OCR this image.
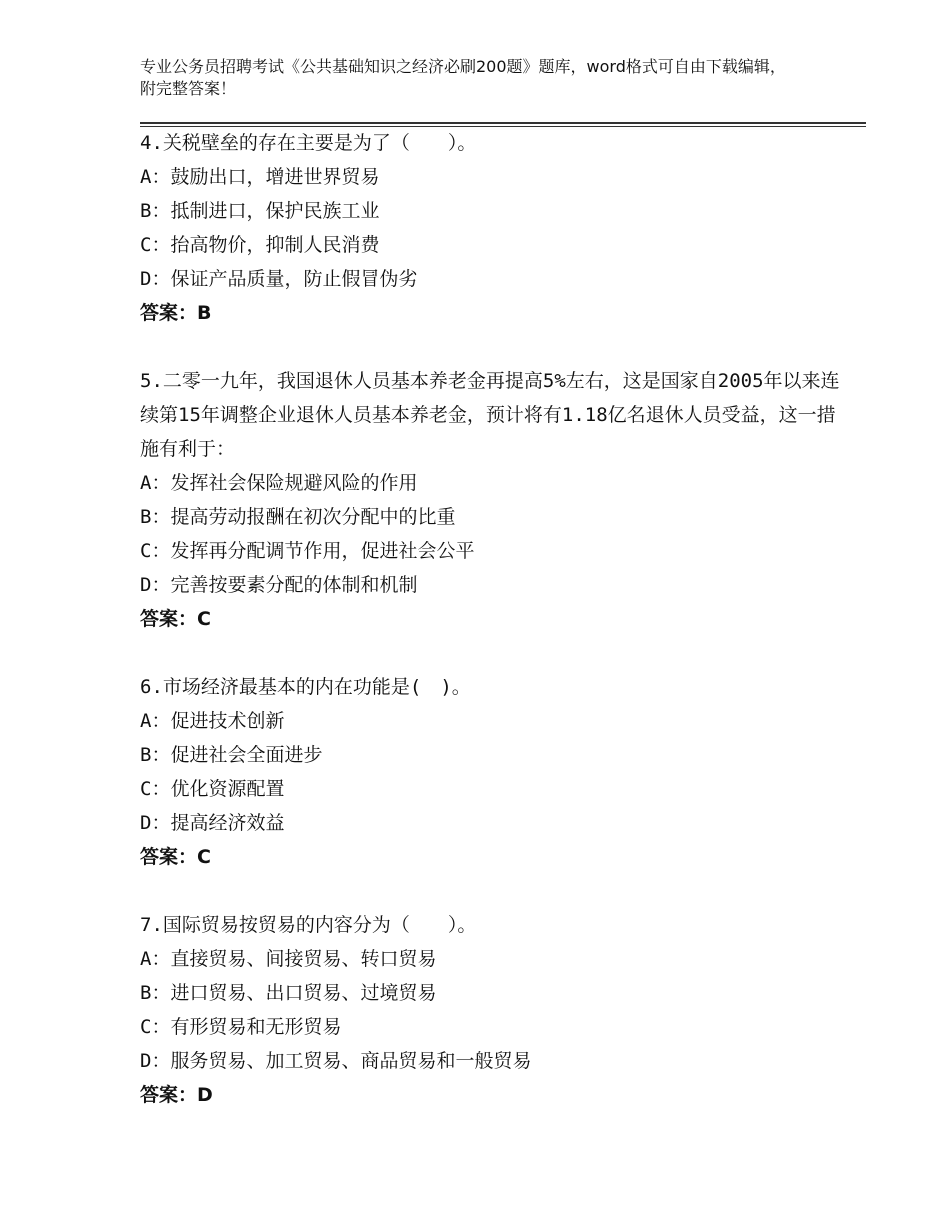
专业公务员招聘考试《公共基础知识之经济必刷200题》题库，word格式可自由下载编辑，附完整答案！

4.关税壁垒的存在主要是为了（　　）。

A：鼓励出口，增进世界贸易

B：抵制进口，保护民族工业

C：抬高物价，抑制人民消费

D：保证产品质量，防止假冒伪劣

答案：B

5.二零一九年，我国退休人员基本养老金再提高5%左右，这是国家自2005年以来连续第15年调整企业退休人员基本养老金，预计将有1.18亿名退休人员受益，这一措施有利于：

A：发挥社会保险规避风险的作用

B：提高劳动报酬在初次分配中的比重

C：发挥再分配调节作用，促进社会公平

D：完善按要素分配的体制和机制

答案：C

6.市场经济最基本的内在功能是(　)。

A：促进技术创新

B：促进社会全面进步

C：优化资源配置

D：提高经济效益

答案：C

7.国际贸易按贸易的内容分为（　　）。

A：直接贸易、间接贸易、转口贸易

B：进口贸易、出口贸易、过境贸易

C：有形贸易和无形贸易

D：服务贸易、加工贸易、商品贸易和一般贸易

答案：D
